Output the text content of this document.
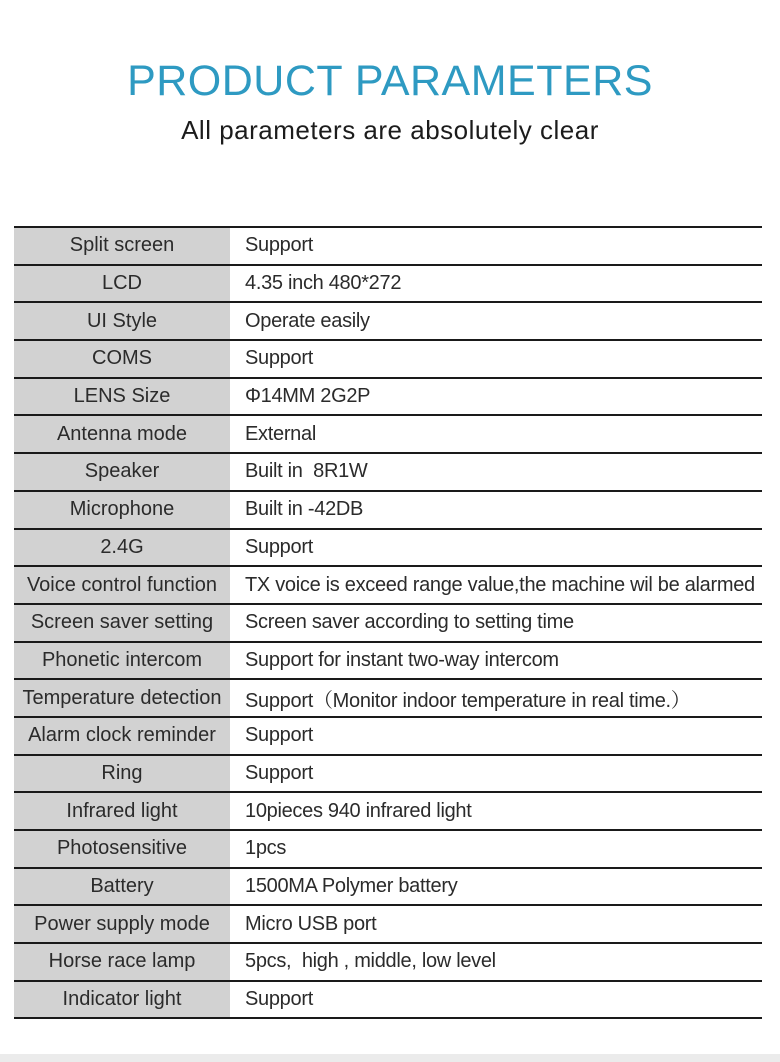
PRODUCT PARAMETERS
All parameters are absolutely clear
Split screen	Support
LCD	4.35 inch 480*272
UI Style	Operate easily
COMS	Support
LENS Size	Φ14MM 2G2P
Antenna mode	External
Speaker	Built in  8R1W
Microphone	Built in -42DB
2.4G	Support
Voice control function	TX voice is exceed range value,the machine wil be alarmed
Screen saver setting	Screen saver according to setting time
Phonetic intercom	Support for instant two-way intercom
Temperature detection	Support（Monitor indoor temperature in real time.）
Alarm clock reminder	Support
Ring	Support
Infrared light	10pieces 940 infrared light
Photosensitive	1pcs
Battery	1500MA Polymer battery
Power supply mode	Micro USB port
Horse race lamp	5pcs,  high , middle, low level
Indicator light	Support
